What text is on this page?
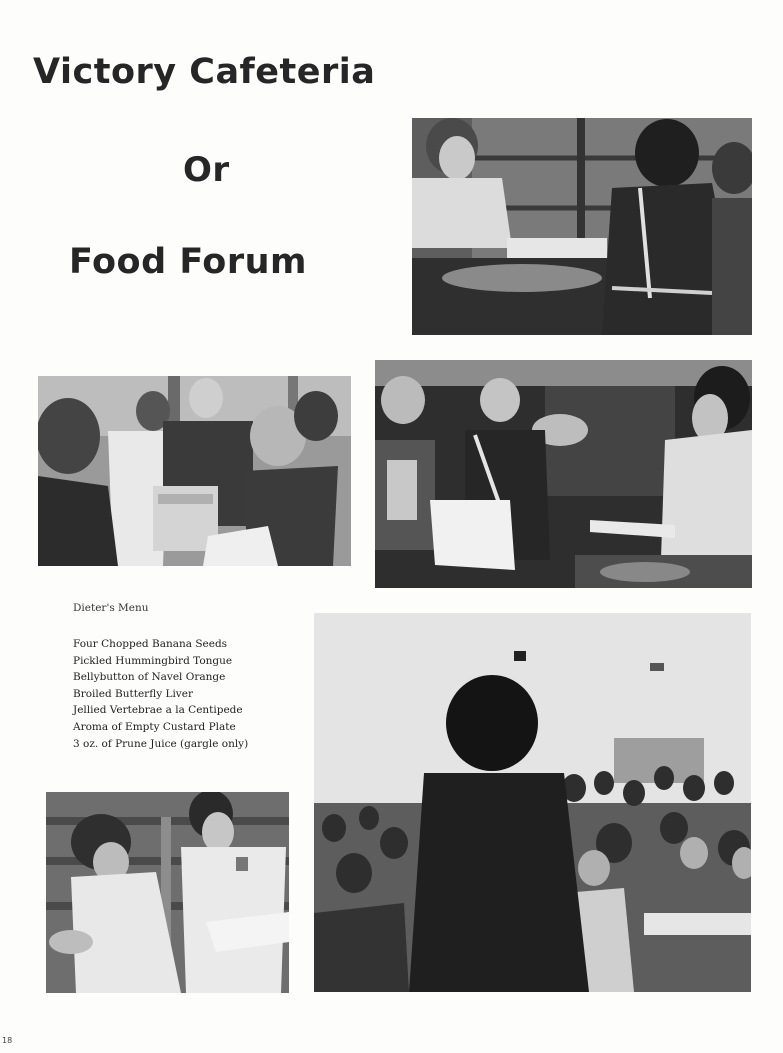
Victory Cafeteria
Or
Food Forum
Dieter's Menu
Four Chopped Banana Seeds
Pickled Hummingbird Tongue
Bellybutton of Navel Orange
Broiled Butterfly Liver
Jellied Vertebrae a la Centipede
Aroma of Empty Custard Plate
3 oz. of Prune Juice (gargle only)
18
